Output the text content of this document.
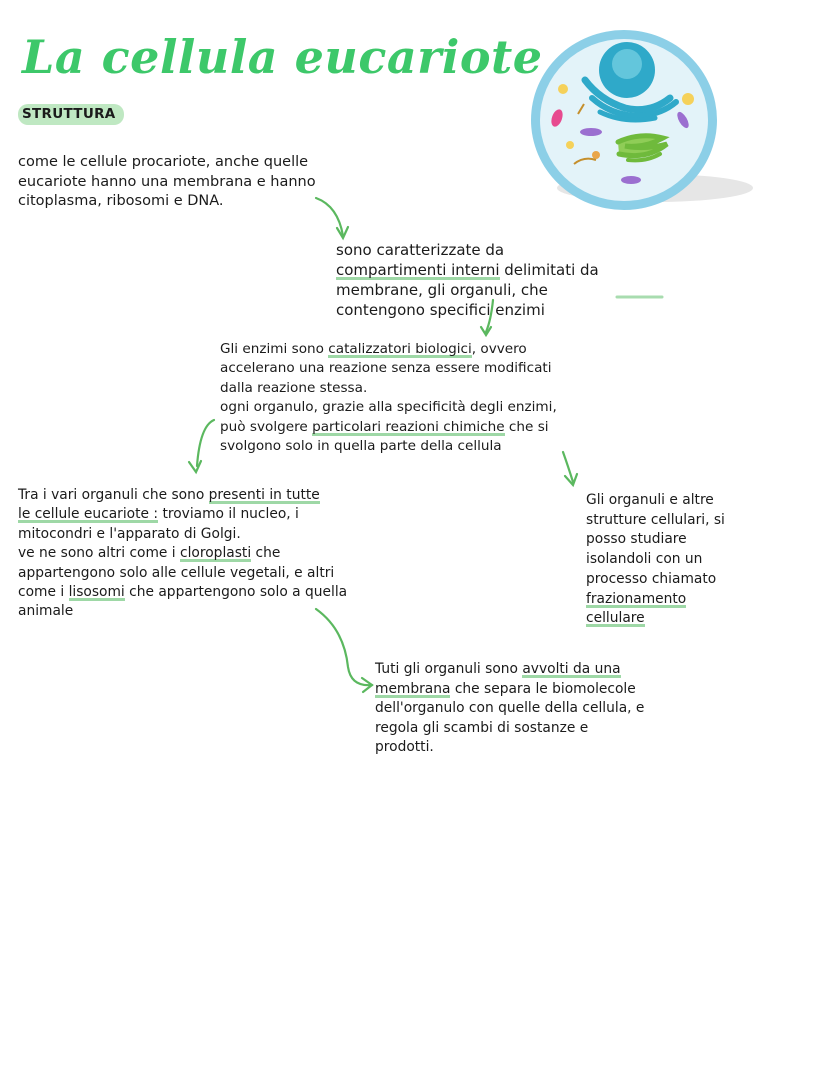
La cellula eucariote
STRUTTURA

come le cellule procariote, anche quelle

eucariote hanno una membrana e hanno

citoplasma, ribosomi e DNA.

sono caratterizzate da

compartimenti interni delimitati da

membrane, gli organuli, che

contengono specifici enzimi

Gli enzimi sono catalizzatori biologici, ovvero

accelerano una reazione senza essere modificati

dalla reazione stessa.

ogni organulo, grazie alla specificità degli enzimi,

può svolgere particolari reazioni chimiche che si

svolgono solo in quella parte della cellula

Tra i vari organuli che sono presenti in tutte

le cellule eucariote : troviamo il nucleo, i

mitocondri e l'apparato di Golgi.

ve ne sono altri come i cloroplasti che

appartengono solo alle cellule vegetali, e altri

come i lisosomi che appartengono solo a quella

animale

Gli organuli e altre

strutture cellulari, si

posso studiare

isolandoli con un

processo chiamato

frazionamento

cellulare

Tuti gli organuli sono avvolti da una

membrana che separa le biomolecole

dell'organulo con quelle della cellula, e

regola gli scambi di sostanze e

prodotti.
